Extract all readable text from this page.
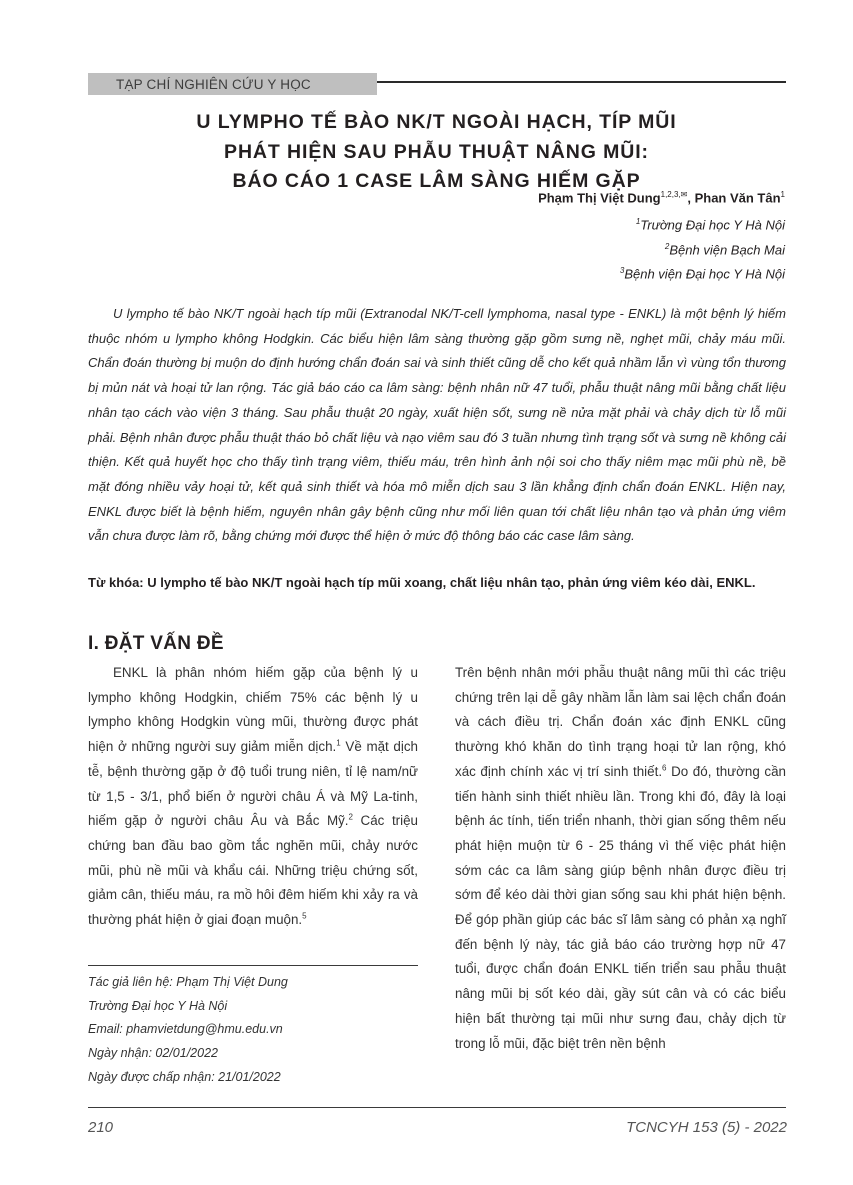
TẠP CHÍ NGHIÊN CỨU Y HỌC
U LYMPHO TẾ BÀO NK/T NGOÀI HẠCH, TÍP MŨI
PHÁT HIỆN SAU PHẪU THUẬT NÂNG MŨI:
BÁO CÁO 1 CASE LÂM SÀNG HIẾM GẶP
Phạm Thị Việt Dung$^{1,2,3,✉}$, Phan Văn Tân$^1$
$^1$Trường Đại học Y Hà Nội
$^2$Bệnh viện Bạch Mai
$^3$Bệnh viện Đại học Y Hà Nội

U lympho tế bào NK/T ngoài hạch típ mũi (Extranodal NK/T-cell lymphoma, nasal type - ENKL) là một bệnh lý hiếm thuộc nhóm u lympho không Hodgkin. Các biểu hiện lâm sàng thường gặp gồm sưng nề, nghẹt mũi, chảy máu mũi. Chẩn đoán thường bị muộn do định hướng chẩn đoán sai và sinh thiết cũng dễ cho kết quả nhầm lẫn vì vùng tổn thương bị mủn nát và hoại tử lan rộng. Tác giả báo cáo ca lâm sàng: bệnh nhân nữ 47 tuổi, phẫu thuật nâng mũi bằng chất liệu nhân tạo cách vào viện 3 tháng. Sau phẫu thuật 20 ngày, xuất hiện sốt, sưng nề nửa mặt phải và chảy dịch từ lỗ mũi phải. Bệnh nhân được phẫu thuật tháo bỏ chất liệu và nạo viêm sau đó 3 tuần nhưng tình trạng sốt và sưng nề không cải thiện. Kết quả huyết học cho thấy tình trạng viêm, thiếu máu, trên hình ảnh nội soi cho thấy niêm mạc mũi phù nề, bề mặt đóng nhiều vảy hoại tử, kết quả sinh thiết và hóa mô miễn dịch sau 3 lần khẳng định chẩn đoán ENKL. Hiện nay, ENKL được biết là bệnh hiếm, nguyên nhân gây bệnh cũng như mối liên quan tới chất liệu nhân tạo và phản ứng viêm vẫn chưa được làm rõ, bằng chứng mới được thể hiện ở mức độ thông báo các case lâm sàng.

Từ khóa: U lympho tế bào NK/T ngoài hạch típ mũi xoang, chất liệu nhân tạo, phản ứng viêm kéo dài, ENKL.

I. ĐẶT VẤN ĐỀ

ENKL là phân nhóm hiếm gặp của bệnh lý u lympho không Hodgkin, chiếm 75% các bệnh lý u lympho không Hodgkin vùng mũi, thường được phát hiện ở những người suy giảm miễn dịch.$^1$ Về mặt dịch tễ, bệnh thường gặp ở độ tuổi trung niên, tỉ lệ nam/nữ từ 1,5 - 3/1, phổ biến ở người châu Á và Mỹ La-tinh, hiếm gặp ở người châu Âu và Bắc Mỹ.$^2$ Các triệu chứng ban đầu bao gồm tắc nghẽn mũi, chảy nước mũi, phù nề mũi và khẩu cái. Những triệu chứng sốt, giảm cân, thiếu máu, ra mồ hôi đêm hiếm khi xảy ra và thường phát hiện ở giai đoạn muộn.$^5$

Trên bệnh nhân mới phẫu thuật nâng mũi thì các triệu chứng trên lại dễ gây nhầm lẫn làm sai lệch chẩn đoán và cách điều trị. Chẩn đoán xác định ENKL cũng thường khó khăn do tình trạng hoại tử lan rộng, khó xác định chính xác vị trí sinh thiết.$^6$ Do đó, thường cần tiến hành sinh thiết nhiều lần. Trong khi đó, đây là loại bệnh ác tính, tiến triển nhanh, thời gian sống thêm nếu phát hiện muộn từ 6 - 25 tháng vì thế việc phát hiện sớm các ca lâm sàng giúp bệnh nhân được điều trị sớm để kéo dài thời gian sống sau khi phát hiện bệnh. Để góp phần giúp các bác sĩ lâm sàng có phản xạ nghĩ đến bệnh lý này, tác giả báo cáo trường hợp nữ 47 tuổi, được chẩn đoán ENKL tiến triển sau phẫu thuật nâng mũi bị sốt kéo dài, gầy sút cân và có các biểu hiện bất thường tại mũi như sưng đau, chảy dịch từ trong lỗ mũi, đặc biệt trên nền bệnh

Tác giả liên hệ: Phạm Thị Việt Dung
Trường Đại học Y Hà Nội
Email: phamvietdung@hmu.edu.vn
Ngày nhận: 02/01/2022
Ngày được chấp nhận: 21/01/2022
210	TCNCYH 153 (5) - 2022
